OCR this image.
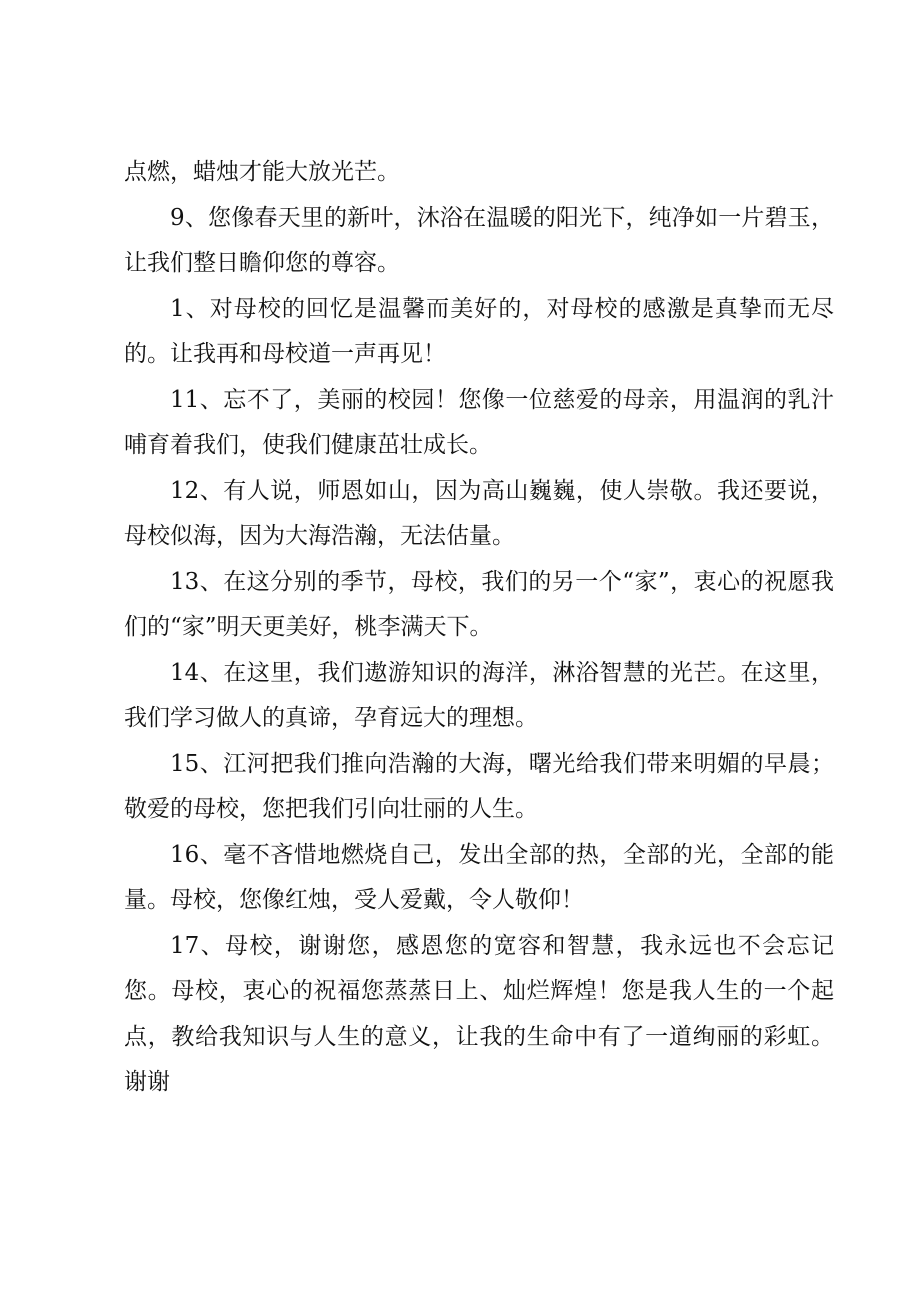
点燃，蜡烛才能大放光芒。

9、您像春天里的新叶，沐浴在温暖的阳光下，纯净如一片碧玉，让我们整日瞻仰您的尊容。

1、对母校的回忆是温馨而美好的，对母校的感激是真挚而无尽的。让我再和母校道一声再见！

11、忘不了，美丽的校园！您像一位慈爱的母亲，用温润的乳汁哺育着我们，使我们健康茁壮成长。

12、有人说，师恩如山，因为高山巍巍，使人崇敬。我还要说，母校似海，因为大海浩瀚，无法估量。

13、在这分别的季节，母校，我们的另一个“家”，衷心的祝愿我们的“家”明天更美好，桃李满天下。

14、在这里，我们遨游知识的海洋，淋浴智慧的光芒。在这里，我们学习做人的真谛，孕育远大的理想。

15、江河把我们推向浩瀚的大海，曙光给我们带来明媚的早晨；敬爱的母校，您把我们引向壮丽的人生。

16、毫不吝惜地燃烧自己，发出全部的热，全部的光，全部的能量。母校，您像红烛，受人爱戴，令人敬仰！

17、母校，谢谢您，感恩您的宽容和智慧，我永远也不会忘记您。母校，衷心的祝福您蒸蒸日上、灿烂辉煌！您是我人生的一个起点，教给我知识与人生的意义，让我的生命中有了一道绚丽的彩虹。谢谢
